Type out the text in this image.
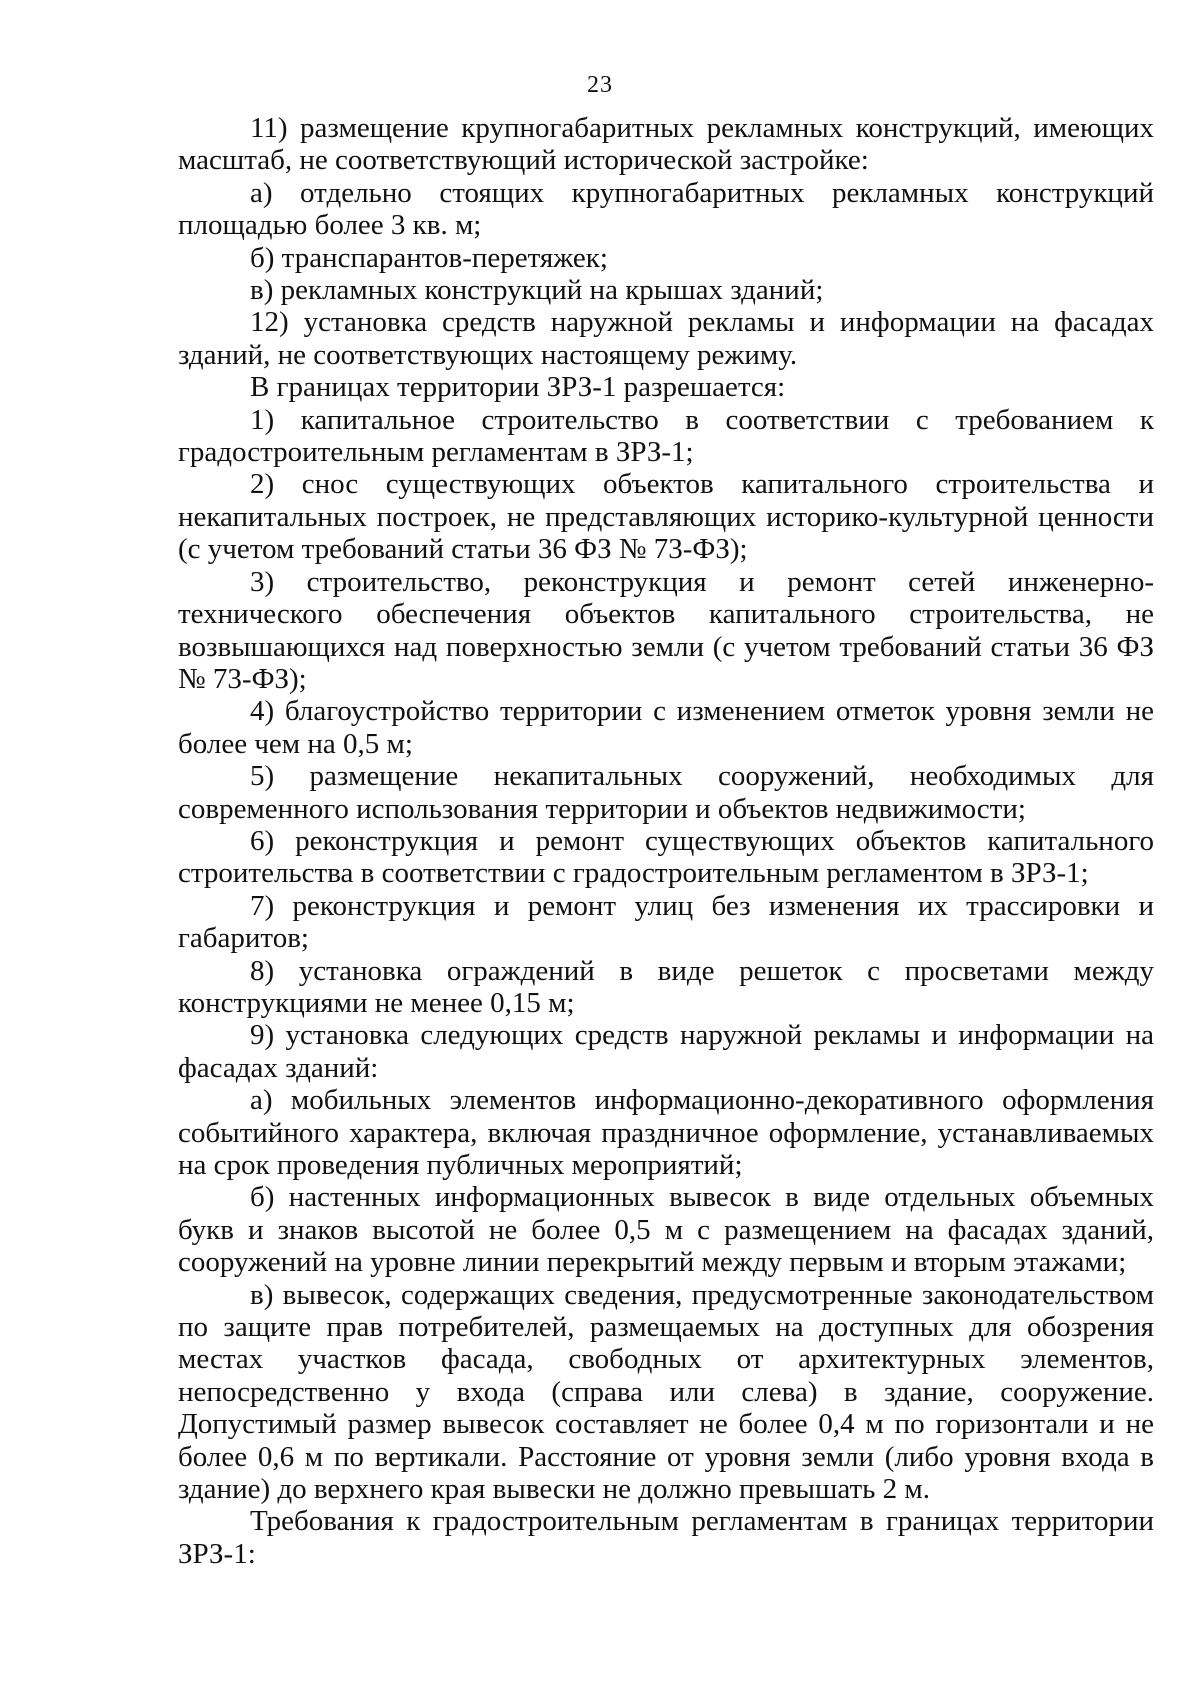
23

11) размещение крупногабаритных рекламных конструкций, имеющих масштаб, не соответствующий исторической застройке:

а) отдельно стоящих крупногабаритных рекламных конструкций площадью более 3 кв. м;

б) транспарантов-перетяжек;

в) рекламных конструкций на крышах зданий;

12) установка средств наружной рекламы и информации на фасадах зданий, не соответствующих настоящему режиму.

В границах территории ЗРЗ-1 разрешается:

1) капитальное строительство в соответствии с требованием к градостроительным регламентам в ЗРЗ-1;

2) снос существующих объектов капитального строительства и некапитальных построек, не представляющих историко-культурной ценности (с учетом требований статьи 36 ФЗ № 73-ФЗ);

3) строительство, реконструкция и ремонт сетей инженерно-технического обеспечения объектов капитального строительства, не возвышающихся над поверхностью земли (с учетом требований статьи 36 ФЗ № 73-ФЗ);

4) благоустройство территории с изменением отметок уровня земли не более чем на 0,5 м;

5) размещение некапитальных сооружений, необходимых для современного использования территории и объектов недвижимости;

6) реконструкция и ремонт существующих объектов капитального строительства в соответствии с градостроительным регламентом в ЗРЗ-1;

7) реконструкция и ремонт улиц без изменения их трассировки и габаритов;

8) установка ограждений в виде решеток с просветами между конструкциями не менее 0,15 м;

9) установка следующих средств наружной рекламы и информации на фасадах зданий:

а) мобильных элементов информационно-декоративного оформления событийного характера, включая праздничное оформление, устанавливаемых на срок проведения публичных мероприятий;

б) настенных информационных вывесок в виде отдельных объемных букв и знаков высотой не более 0,5 м с размещением на фасадах зданий, сооружений на уровне линии перекрытий между первым и вторым этажами;

в) вывесок, содержащих сведения, предусмотренные законодательством по защите прав потребителей, размещаемых на доступных для обозрения местах участков фасада, свободных от архитектурных элементов, непосредственно у входа (справа или слева) в здание, сооружение. Допустимый размер вывесок составляет не более 0,4 м по горизонтали и не более 0,6 м по вертикали. Расстояние от уровня земли (либо уровня входа в здание) до верхнего края вывески не должно превышать 2 м.

Требования к градостроительным регламентам в границах территории ЗРЗ-1:
